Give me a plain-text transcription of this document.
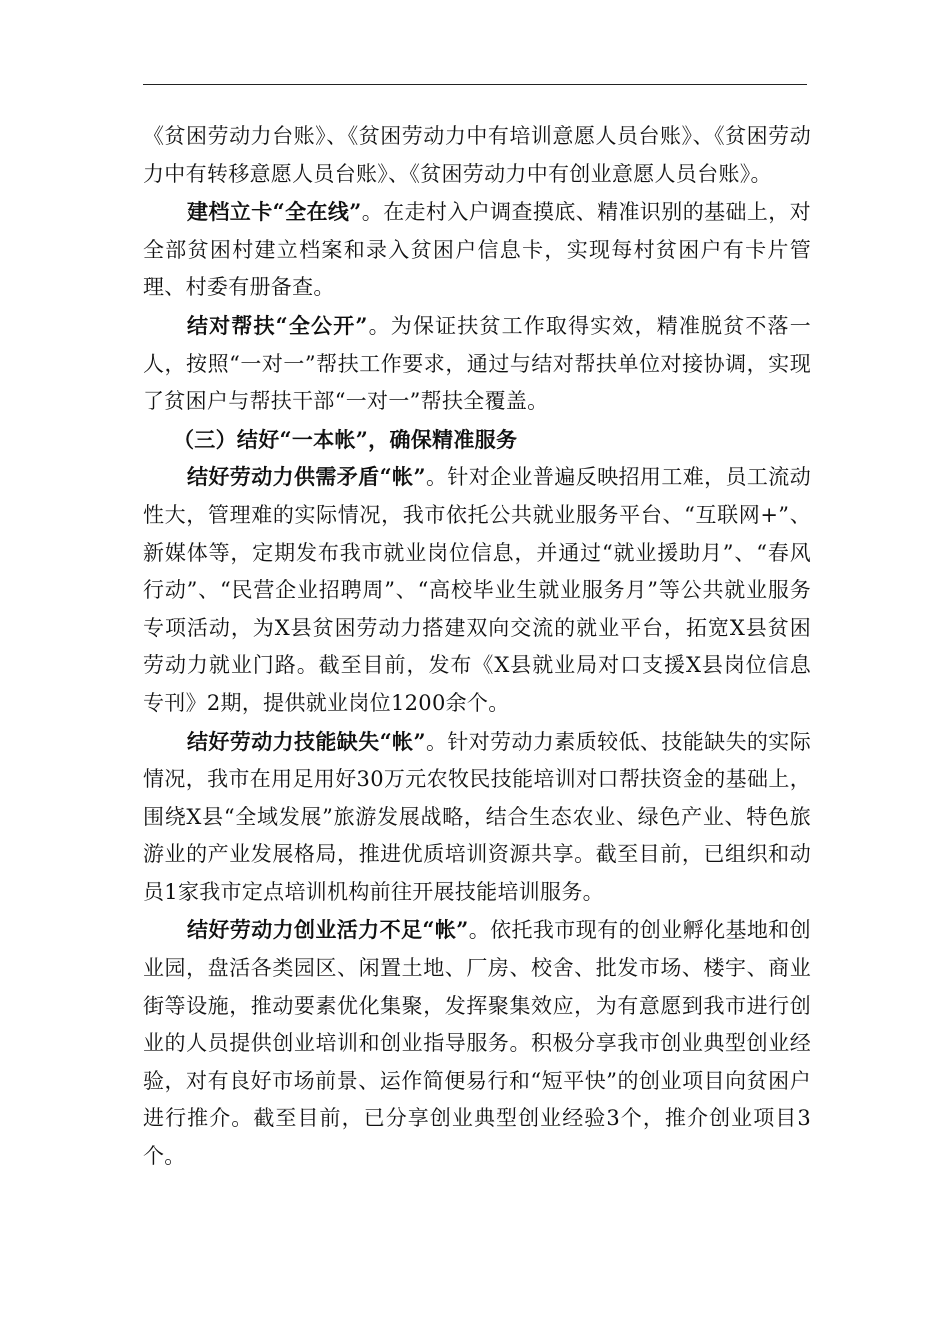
《贫困劳动力台账》、《贫困劳动力中有培训意愿人员台账》、《贫困劳动力中有转移意愿人员台账》、《贫困劳动力中有创业意愿人员台账》。

建档立卡“全在线”。在走村入户调查摸底、精准识别的基础上，对全部贫困村建立档案和录入贫困户信息卡，实现每村贫困户有卡片管理、村委有册备查。

结对帮扶“全公开”。为保证扶贫工作取得实效，精准脱贫不落一人，按照“一对一”帮扶工作要求，通过与结对帮扶单位对接协调，实现了贫困户与帮扶干部“一对一”帮扶全覆盖。

（三）结好“一本帐”，确保精准服务

结好劳动力供需矛盾“帐”。针对企业普遍反映招用工难，员工流动性大，管理难的实际情况，我市依托公共就业服务平台、“互联网+”、新媒体等，定期发布我市就业岗位信息，并通过“就业援助月”、“春风行动”、“民营企业招聘周”、“高校毕业生就业服务月”等公共就业服务专项活动，为X县贫困劳动力搭建双向交流的就业平台，拓宽X县贫困劳动力就业门路。截至目前，发布《X县就业局对口支援X县岗位信息专刊》2期，提供就业岗位1200余个。

结好劳动力技能缺失“帐”。针对劳动力素质较低、技能缺失的实际情况，我市在用足用好30万元农牧民技能培训对口帮扶资金的基础上，围绕X县“全域发展”旅游发展战略，结合生态农业、绿色产业、特色旅游业的产业发展格局，推进优质培训资源共享。截至目前，已组织和动员1家我市定点培训机构前往开展技能培训服务。

结好劳动力创业活力不足“帐”。依托我市现有的创业孵化基地和创业园，盘活各类园区、闲置土地、厂房、校舍、批发市场、楼宇、商业街等设施，推动要素优化集聚，发挥聚集效应，为有意愿到我市进行创业的人员提供创业培训和创业指导服务。积极分享我市创业典型创业经验，对有良好市场前景、运作简便易行和“短平快”的创业项目向贫困户进行推介。截至目前，已分享创业典型创业经验3个，推介创业项目3个。
